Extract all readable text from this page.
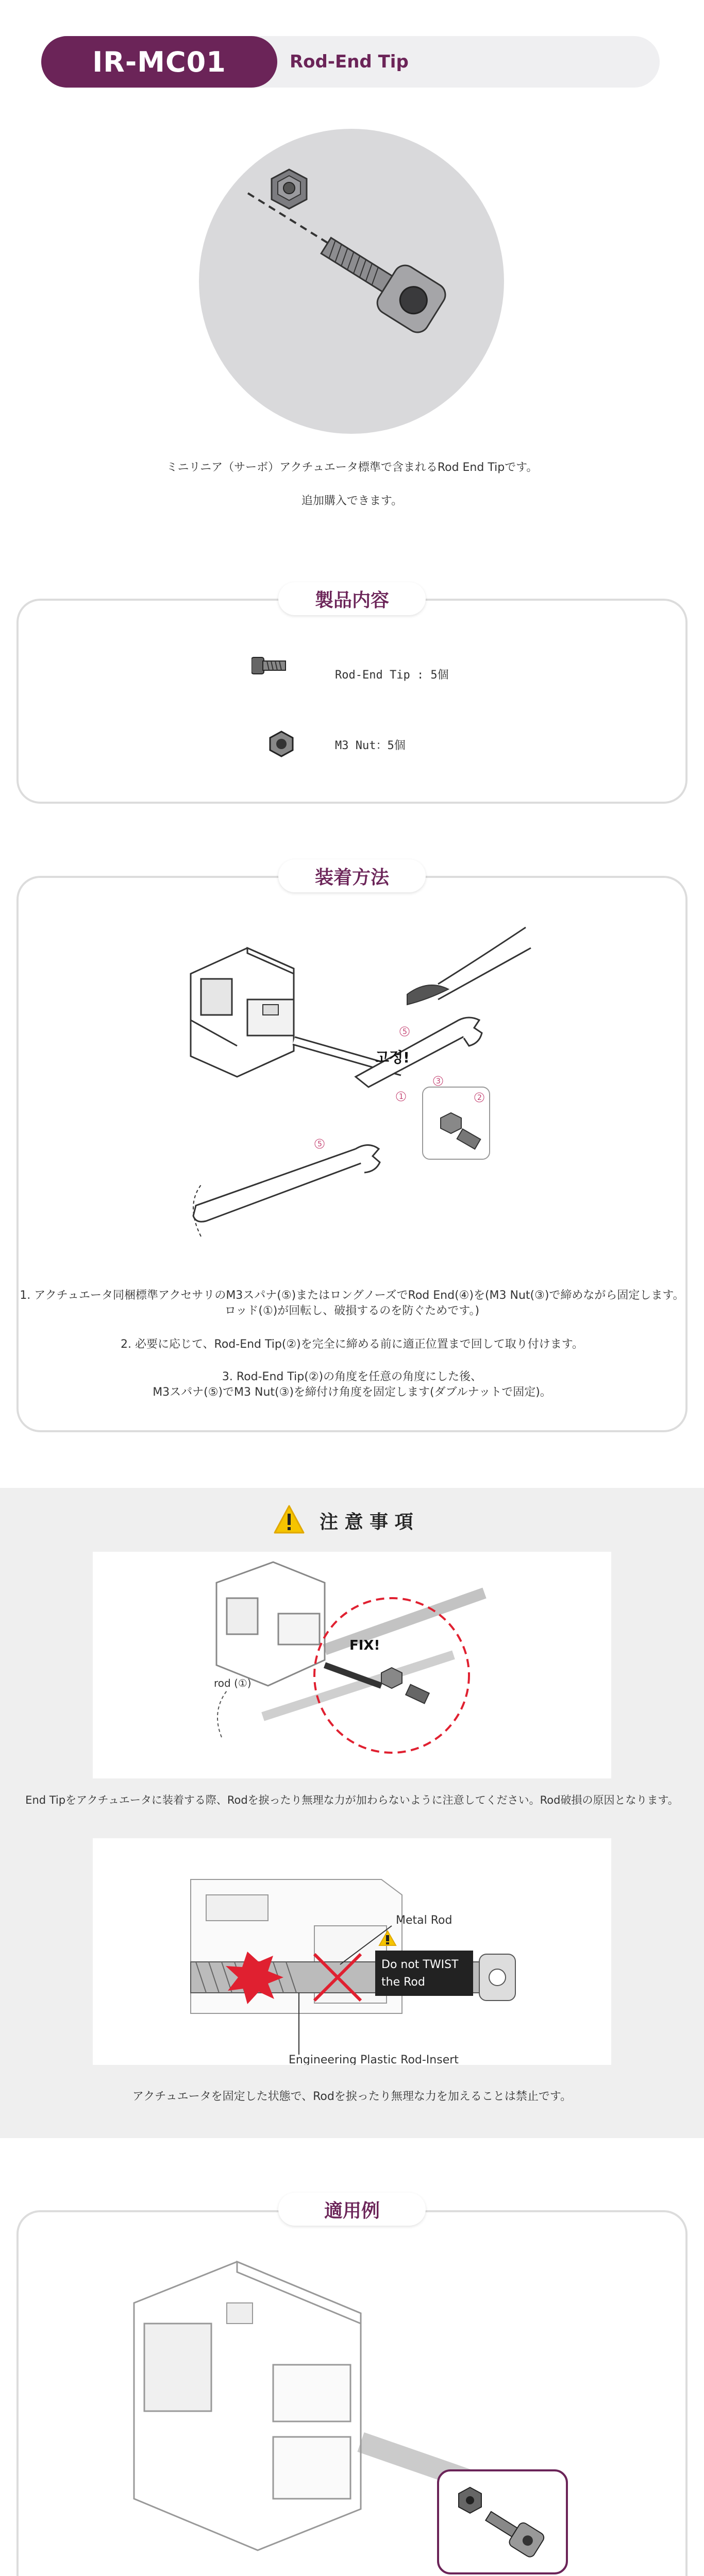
IR-MC01	Rod-End Tip
ミニリニア（サーボ）アクチュエータ標準で含まれるRod End Tipです。
追加購入できます。
製品内容
Rod-End Tip : 5個
M3 Nut：5個
装着方法
고정!
5
3
1	2
5
1. アクチュエータ同梱標準アクセサリのM3スパナ(⑤)またはロングノーズでRod End(④)を(M3 Nut(③)で締めながら固定します。
ロッド(①)が回転し、破損するのを防ぐためです。)
2. 必要に応じて、Rod-End Tip(②)を完全に締める前に適正位置まで回して取り付けます。
3. Rod-End Tip(②)の角度を任意の角度にした後、
M3スパナ(⑤)でM3 Nut(③)を締付け角度を固定します(ダブルナットで固定)。
注 意 事 項
FIX!
rod (①)
End Tipをアクチュエータに装着する際、Rodを捩ったり無理な力が加わらないように注意してください。Rod破損の原因となります。
Metal Rod
Do not TWIST
the Rod
Engineering Plastic Rod-Insert
アクチュエータを固定した状態で、Rodを捩ったり無理な力を加えることは禁止です。
適用例
